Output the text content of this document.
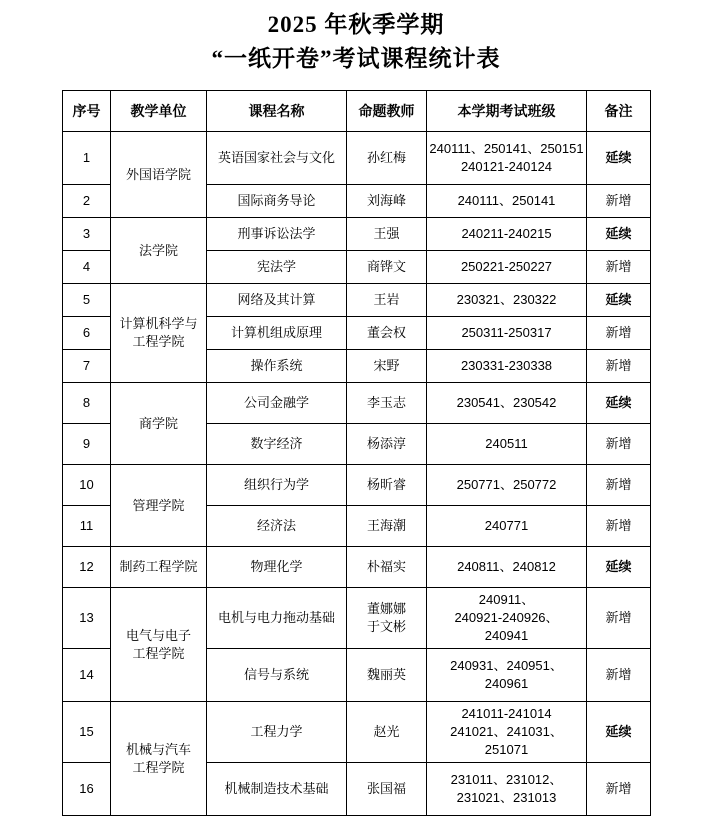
2025 年秋季学期
“一纸开卷”考试课程统计表
序号	教学单位	课程名称	命题教师	本学期考试班级	备注
1	外国语学院	英语国家社会与文化	孙红梅	240111、250141、250151
240121-240124	延续
2		国际商务导论	刘海峰	240111、250141	新增
3	法学院	刑事诉讼法学	王强	240211-240215	延续
4		宪法学	商铧文	250221-250227	新增
5	计算机科学与
工程学院	网络及其计算	王岩	230321、230322	延续
6		计算机组成原理	董会权	250311-250317	新增
7		操作系统	宋野	230331-230338	新增
8	商学院	公司金融学	李玉志	230541、230542	延续
9		数字经济	杨添淳	240511	新增
10	管理学院	组织行为学	杨昕睿	250771、250772	新增
11		经济法	王海潮	240771	新增
12	制药工程学院	物理化学	朴福实	240811、240812	延续
13	电气与电子
工程学院	电机与电力拖动基础	董娜娜
于文彬	240911、
240921-240926、
240941	新增
14		信号与系统	魏丽英	240931、240951、
240961	新增
15	机械与汽车
工程学院	工程力学	赵光	241011-241014
241021、241031、
251071	延续
16		机械制造技术基础	张国福	231011、231012、
231021、231013	新增
